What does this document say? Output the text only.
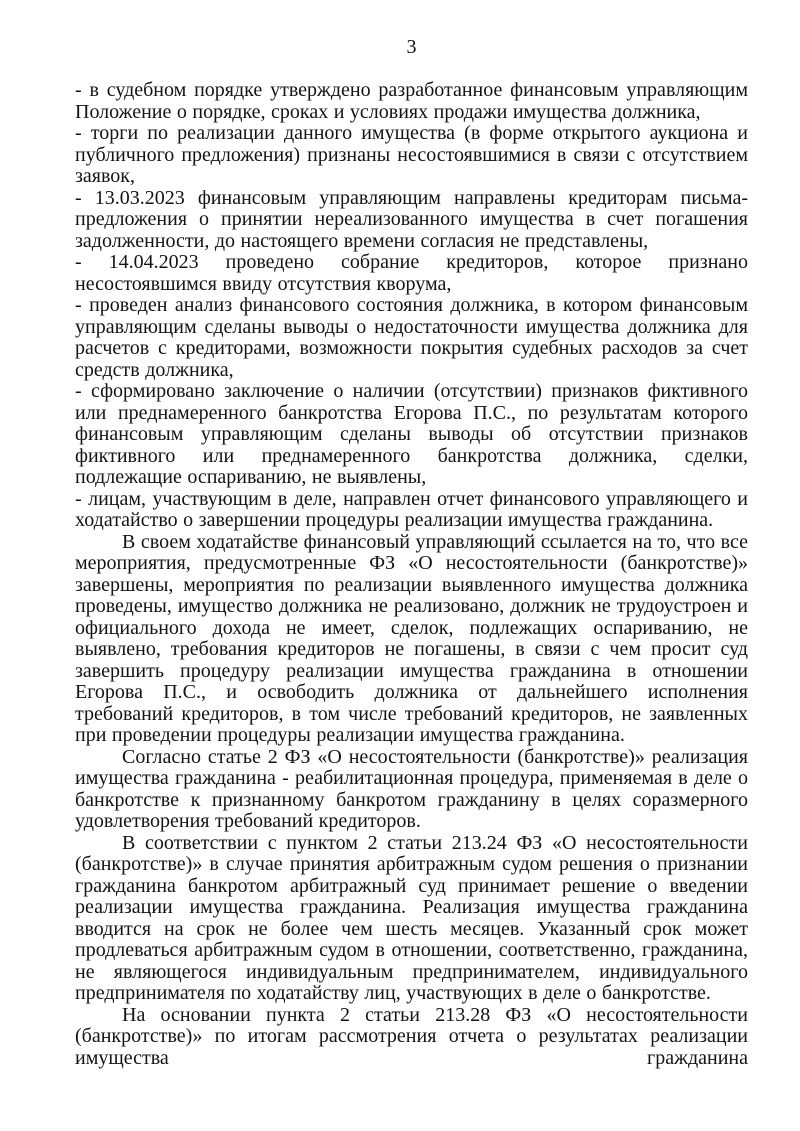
3

- в судебном порядке утверждено разработанное финансовым управляющим Положение о порядке, сроках и условиях продажи имущества должника,

- торги по реализации данного имущества (в форме открытого аукциона и публичного предложения) признаны несостоявшимися в связи с отсутствием заявок,

- 13.03.2023 финансовым управляющим направлены кредиторам письма-предложения о принятии нереализованного имущества в счет погашения задолженности, до настоящего времени согласия не представлены,

- 14.04.2023 проведено собрание кредиторов, которое признано несостоявшимся ввиду отсутствия кворума,

- проведен анализ финансового состояния должника, в котором финансовым управляющим сделаны выводы о недостаточности имущества должника для расчетов с кредиторами, возможности покрытия судебных расходов за счет средств должника,

- сформировано заключение о наличии (отсутствии) признаков фиктивного или преднамеренного банкротства Егорова П.С., по результатам которого финансовым управляющим сделаны выводы об отсутствии признаков фиктивного или преднамеренного банкротства должника, сделки, подлежащие оспариванию, не выявлены,

- лицам, участвующим в деле, направлен отчет финансового управляющего и ходатайство о завершении процедуры реализации имущества гражданина.

В своем ходатайстве финансовый управляющий ссылается на то, что все мероприятия, предусмотренные ФЗ «О несостоятельности (банкротстве)» завершены, мероприятия по реализации выявленного имущества должника проведены, имущество должника не реализовано, должник не трудоустроен и официального дохода не имеет, сделок, подлежащих оспариванию, не выявлено, требования кредиторов не погашены, в связи с чем просит суд завершить процедуру реализации имущества гражданина в отношении Егорова П.С., и освободить должника от дальнейшего исполнения требований кредиторов, в том числе требований кредиторов, не заявленных при проведении процедуры реализации имущества гражданина.

Согласно статье 2 ФЗ «О несостоятельности (банкротстве)» реализация имущества гражданина - реабилитационная процедура, применяемая в деле о банкротстве к признанному банкротом гражданину в целях соразмерного удовлетворения требований кредиторов.

В соответствии с пунктом 2 статьи 213.24 ФЗ «О несостоятельности (банкротстве)» в случае принятия арбитражным судом решения о признании гражданина банкротом арбитражный суд принимает решение о введении реализации имущества гражданина. Реализация имущества гражданина вводится на срок не более чем шесть месяцев. Указанный срок может продлеваться арбитражным судом в отношении, соответственно, гражданина, не являющегося индивидуальным предпринимателем, индивидуального предпринимателя по ходатайству лиц, участвующих в деле о банкротстве.

На основании пункта 2 статьи 213.28 ФЗ «О несостоятельности (банкротстве)» по итогам рассмотрения отчета о результатах реализации имущества гражданина
